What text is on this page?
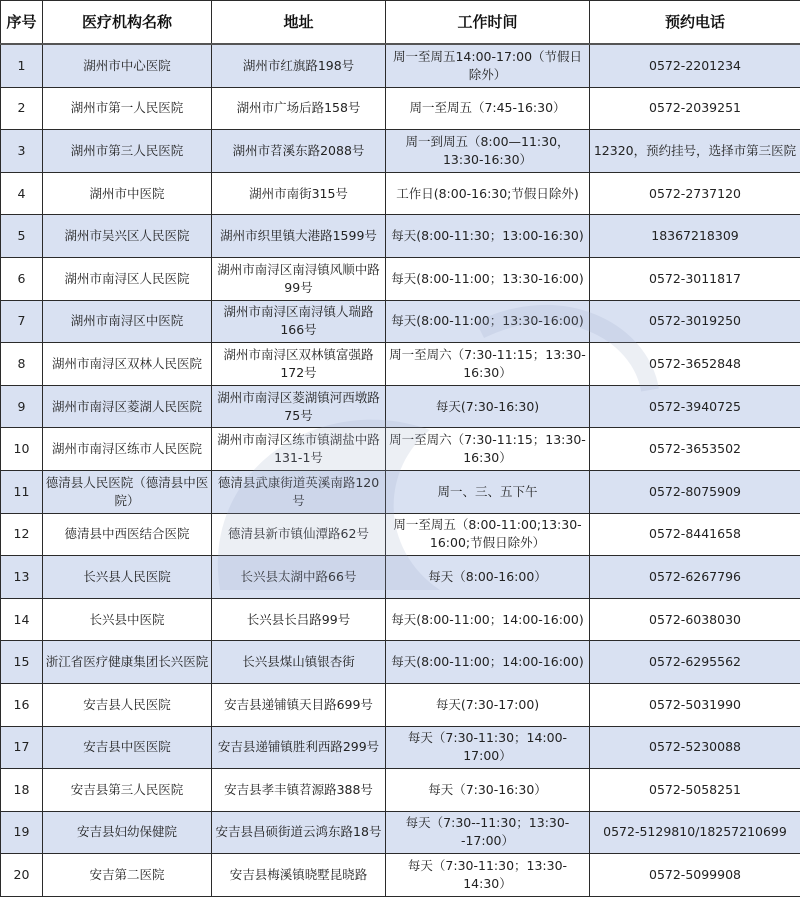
序号	医疗机构名称	地址	工作时间	预约电话
1	湖州市中心医院	湖州市红旗路198号	周一至周五14:00-17:00（节假日除外）	0572-2201234
2	湖州市第一人民医院	湖州市广场后路158号	周一至周五（7:45-16:30）	0572-2039251
3	湖州市第三人民医院	湖州市苕溪东路2088号	周一到周五（8:00—11:30，13:30-16:30）	12320，预约挂号，选择市第三医院
4	湖州市中医院	湖州市南街315号	工作日(8:00-16:30;节假日除外)	0572-2737120
5	湖州市吴兴区人民医院	湖州市织里镇大港路1599号	每天(8:00-11:30；13:00-16:30)	18367218309
6	湖州市南浔区人民医院	湖州市南浔区南浔镇风顺中路99号	每天(8:00-11:00；13:30-16:00)	0572-3011817
7	湖州市南浔区中医院	湖州市南浔区南浔镇人瑞路166号	每天(8:00-11:00；13:30-16:00)	0572-3019250
8	湖州市南浔区双林人民医院	湖州市南浔区双林镇富强路172号	周一至周六（7:30-11:15；13:30-16:30）	0572-3652848
9	湖州市南浔区菱湖人民医院	湖州市南浔区菱湖镇河西墩路75号	每天(7:30-16:30)	0572-3940725
10	湖州市南浔区练市人民医院	湖州市南浔区练市镇湖盐中路131-1号	周一至周六（7:30-11:15；13:30-16:30）	0572-3653502
11	德清县人民医院（德清县中医院）	德清县武康街道英溪南路120号	周一、三、五下午	0572-8075909
12	德清县中西医结合医院	德清县新市镇仙潭路62号	周一至周五（8:00-11:00;13:30-16:00;节假日除外）	0572-8441658
13	长兴县人民医院	长兴县太湖中路66号	每天（8:00-16:00）	0572-6267796
14	长兴县中医院	长兴县长吕路99号	每天(8:00-11:00；14:00-16:00)	0572-6038030
15	浙江省医疗健康集团长兴医院	长兴县煤山镇银杏街	每天(8:00-11:00；14:00-16:00)	0572-6295562
16	安吉县人民医院	安吉县递铺镇天目路699号	每天(7:30-17:00)	0572-5031990
17	安吉县中医医院	安吉县递铺镇胜利西路299号	每天（7:30-11:30；14:00-17:00）	0572-5230088
18	安吉县第三人民医院	安吉县孝丰镇苕源路388号	每天（7:30-16:30）	0572-5058251
19	安吉县妇幼保健院	安吉县昌硕街道云鸿东路18号	每天（7:30--11:30；13:30--17:00）	0572-5129810/18257210699
20	安吉第二医院	安吉县梅溪镇晓墅昆晓路	每天（7:30-11:30；13:30-14:30）	0572-5099908
